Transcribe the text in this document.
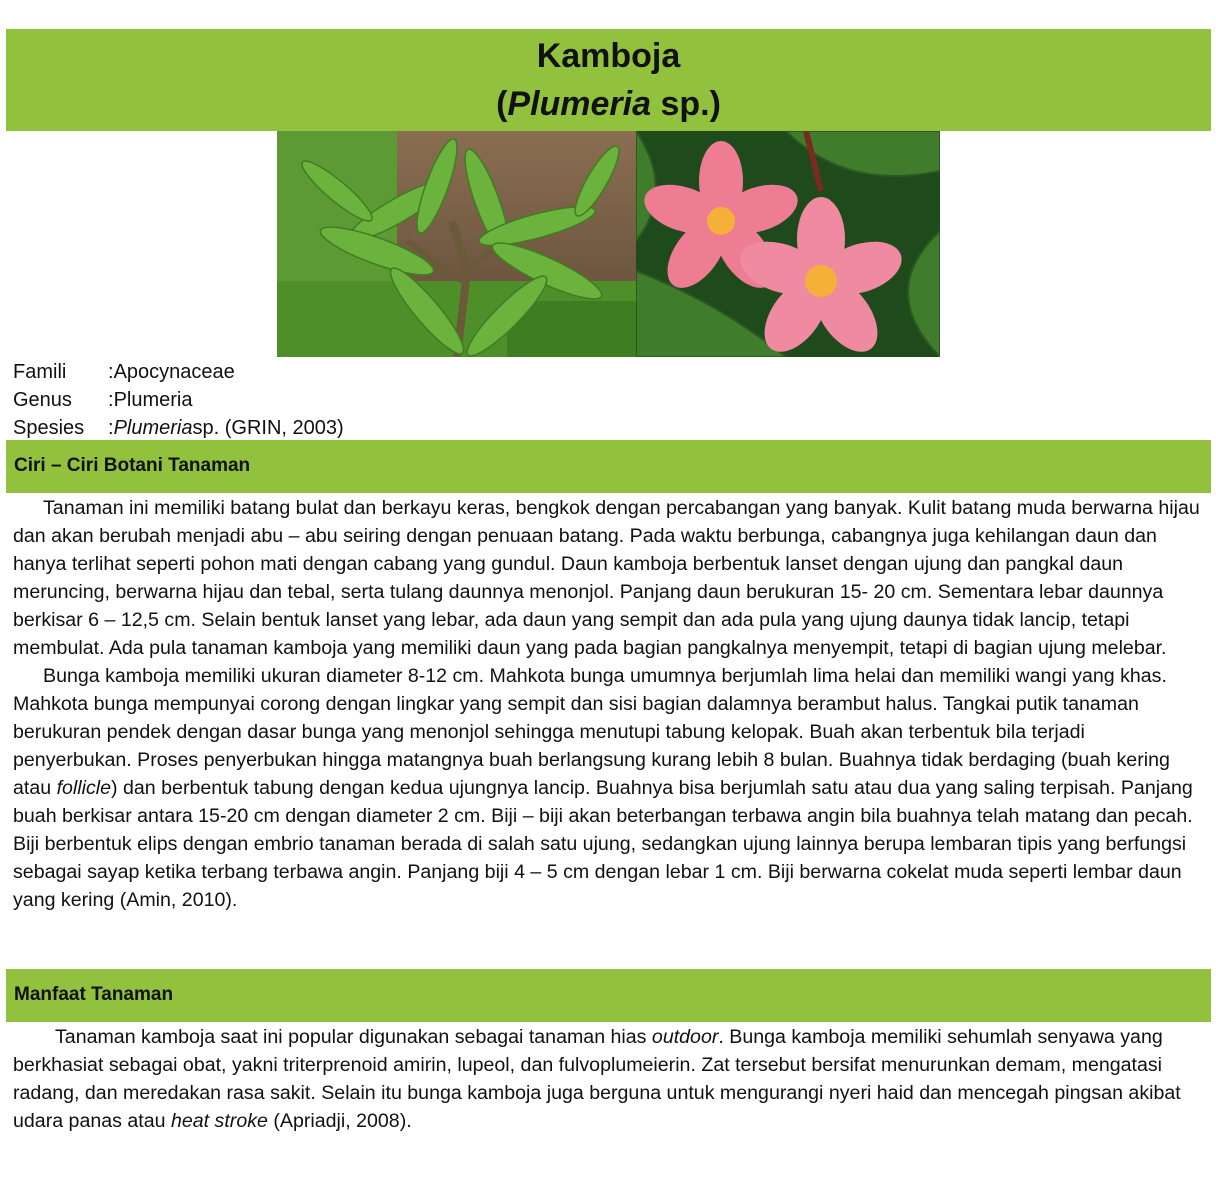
Kamboja
(Plumeria sp.)
Famili	: Apocynaceae
Genus	: Plumeria
Spesies	: Plumeria sp. (GRIN, 2003)
Ciri – Ciri Botani Tanaman

Tanaman ini memiliki batang bulat dan berkayu keras, bengkok dengan percabangan yang banyak. Kulit batang muda berwarna hijau dan akan berubah menjadi abu – abu seiring dengan penuaan batang. Pada waktu berbunga, cabangnya juga kehilangan daun dan hanya terlihat seperti pohon mati dengan cabang yang gundul. Daun kamboja berbentuk lanset dengan ujung dan pangkal daun meruncing, berwarna hijau dan tebal, serta tulang daunnya menonjol. Panjang daun berukuran 15- 20 cm. Sementara lebar daunnya berkisar 6 – 12,5 cm. Selain bentuk lanset yang lebar, ada daun yang sempit dan ada pula yang ujung daunya tidak lancip, tetapi membulat. Ada pula tanaman kamboja yang memiliki daun yang pada bagian pangkalnya menyempit, tetapi di bagian ujung melebar.

Bunga kamboja memiliki ukuran diameter 8-12 cm. Mahkota bunga umumnya berjumlah lima helai dan memiliki wangi yang khas. Mahkota bunga mempunyai corong dengan lingkar yang sempit dan sisi bagian dalamnya berambut halus. Tangkai putik tanaman berukuran pendek dengan dasar bunga yang menonjol sehingga menutupi tabung kelopak. Buah akan terbentuk bila terjadi penyerbukan. Proses penyerbukan hingga matangnya buah berlangsung kurang lebih 8 bulan. Buahnya tidak berdaging (buah kering atau follicle) dan berbentuk tabung dengan kedua ujungnya lancip. Buahnya bisa berjumlah satu atau dua yang saling terpisah. Panjang buah berkisar antara 15-20 cm dengan diameter 2 cm. Biji – biji akan beterbangan terbawa angin bila buahnya telah matang dan pecah. Biji berbentuk elips dengan embrio tanaman berada di salah satu ujung, sedangkan ujung lainnya berupa lembaran tipis yang berfungsi sebagai sayap ketika terbang terbawa angin. Panjang biji 4 – 5 cm dengan lebar 1 cm. Biji berwarna cokelat muda seperti lembar daun yang kering (Amin, 2010).

Manfaat Tanaman

Tanaman kamboja saat ini popular digunakan sebagai tanaman hias outdoor. Bunga kamboja memiliki sehumlah senyawa yang berkhasiat sebagai obat, yakni triterprenoid amirin, lupeol, dan fulvoplumeierin. Zat tersebut bersifat menurunkan demam, mengatasi radang, dan meredakan rasa sakit. Selain itu bunga kamboja juga berguna untuk mengurangi nyeri haid dan mencegah pingsan akibat udara panas atau heat stroke (Apriadji, 2008).
